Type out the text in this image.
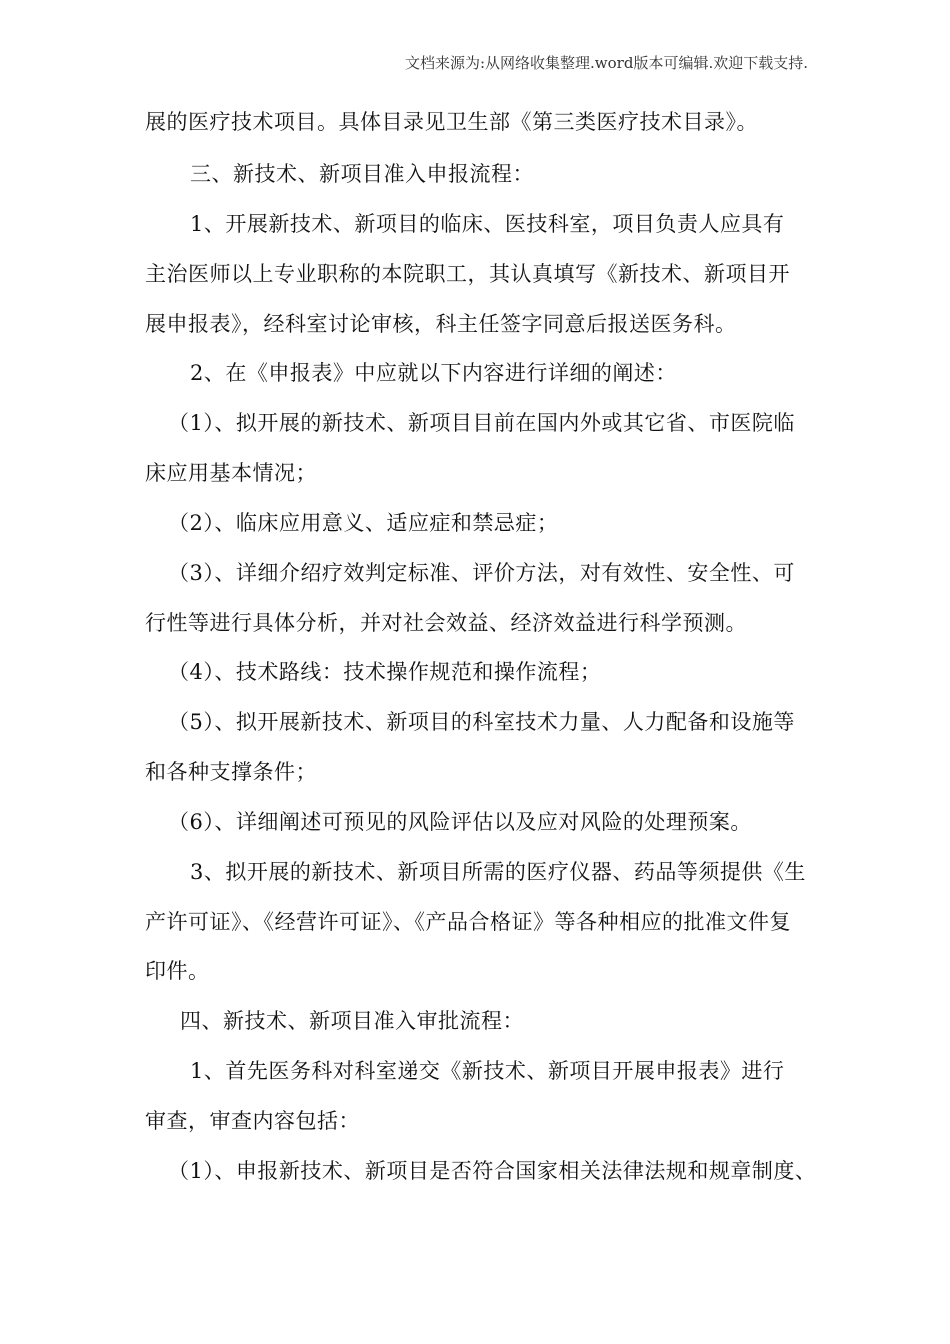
文档来源为:从网络收集整理.word版本可编辑.欢迎下载支持.
展的医疗技术项目。具体目录见卫生部《第三类医疗技术目录》。
三、新技术、新项目准入申报流程：
1、开展新技术、新项目的临床、医技科室，项目负责人应具有
主治医师以上专业职称的本院职工，其认真填写《新技术、新项目开
展申报表》，经科室讨论审核，科主任签字同意后报送医务科。
2、在《申报表》中应就以下内容进行详细的阐述：
（1）、拟开展的新技术、新项目目前在国内外或其它省、市医院临
床应用基本情况；
（2）、临床应用意义、适应症和禁忌症；
（3）、详细介绍疗效判定标准、评价方法，对有效性、安全性、可
行性等进行具体分析，并对社会效益、经济效益进行科学预测。
（4）、技术路线：技术操作规范和操作流程；
（5）、拟开展新技术、新项目的科室技术力量、人力配备和设施等
和各种支撑条件；
（6）、详细阐述可预见的风险评估以及应对风险的处理预案。
3、拟开展的新技术、新项目所需的医疗仪器、药品等须提供《生
产许可证》、《经营许可证》、《产品合格证》等各种相应的批准文件复
印件。
四、新技术、新项目准入审批流程：
1、首先医务科对科室递交《新技术、新项目开展申报表》进行
审查，审查内容包括：
（1）、申报新技术、新项目是否符合国家相关法律法规和规章制度、
